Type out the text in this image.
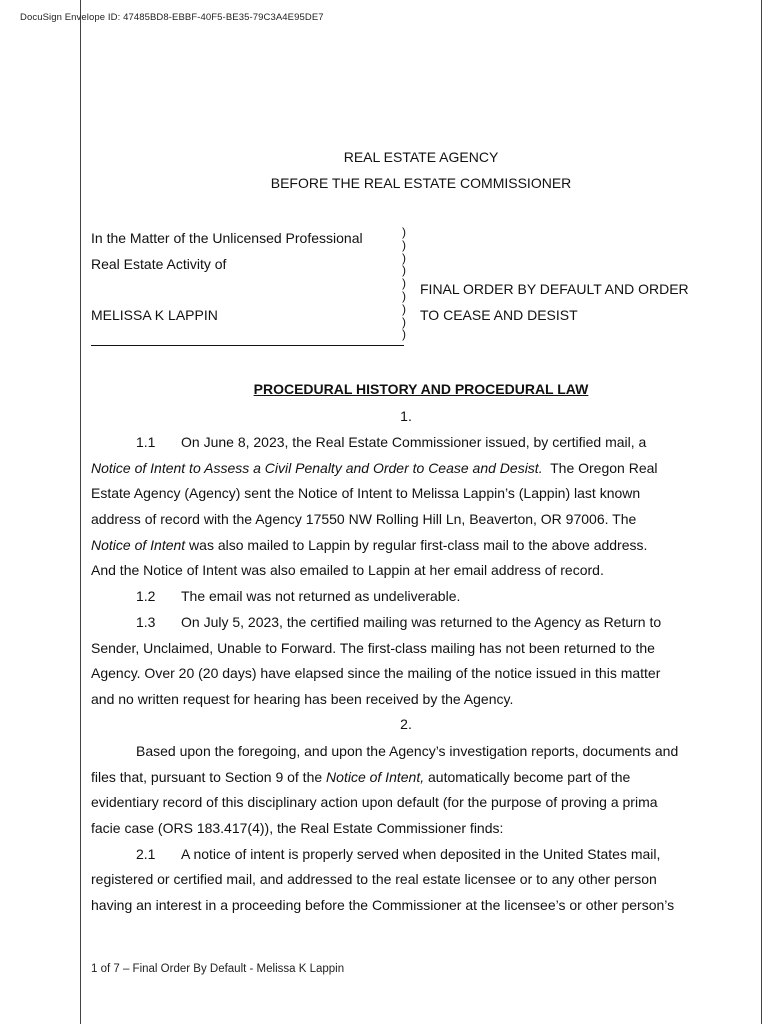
DocuSign Envelope ID: 47485BD8-EBBF-40F5-BE35-79C3A4E95DE7
REAL ESTATE AGENCY
BEFORE THE REAL ESTATE COMMISSIONER
In the Matter of the Unlicensed Professional
Real Estate Activity of
MELISSA K LAPPIN
)
)
)
)
)
)
)
)
)
FINAL ORDER BY DEFAULT AND ORDER
TO CEASE AND DESIST
PROCEDURAL HISTORY AND PROCEDURAL LAW
1.
1.1 On June 8, 2023, the Real Estate Commissioner issued, by certified mail, a
Notice of Intent to Assess a Civil Penalty and Order to Cease and Desist.  The Oregon Real
Estate Agency (Agency) sent the Notice of Intent to Melissa Lappin’s (Lappin) last known
address of record with the Agency 17550 NW Rolling Hill Ln, Beaverton, OR 97006. The
Notice of Intent was also mailed to Lappin by regular first-class mail to the above address.
And the Notice of Intent was also emailed to Lappin at her email address of record.
1.2 The email was not returned as undeliverable.
1.3 On July 5, 2023, the certified mailing was returned to the Agency as Return to
Sender, Unclaimed, Unable to Forward. The first-class mailing has not been returned to the
Agency. Over 20 (20 days) have elapsed since the mailing of the notice issued in this matter
and no written request for hearing has been received by the Agency.
2.
Based upon the foregoing, and upon the Agency’s investigation reports, documents and
files that, pursuant to Section 9 of the Notice of Intent, automatically become part of the
evidentiary record of this disciplinary action upon default (for the purpose of proving a prima
facie case (ORS 183.417(4)), the Real Estate Commissioner finds:
2.1 A notice of intent is properly served when deposited in the United States mail,
registered or certified mail, and addressed to the real estate licensee or to any other person
having an interest in a proceeding before the Commissioner at the licensee’s or other person’s
1 of 7 – Final Order By Default - Melissa K Lappin
